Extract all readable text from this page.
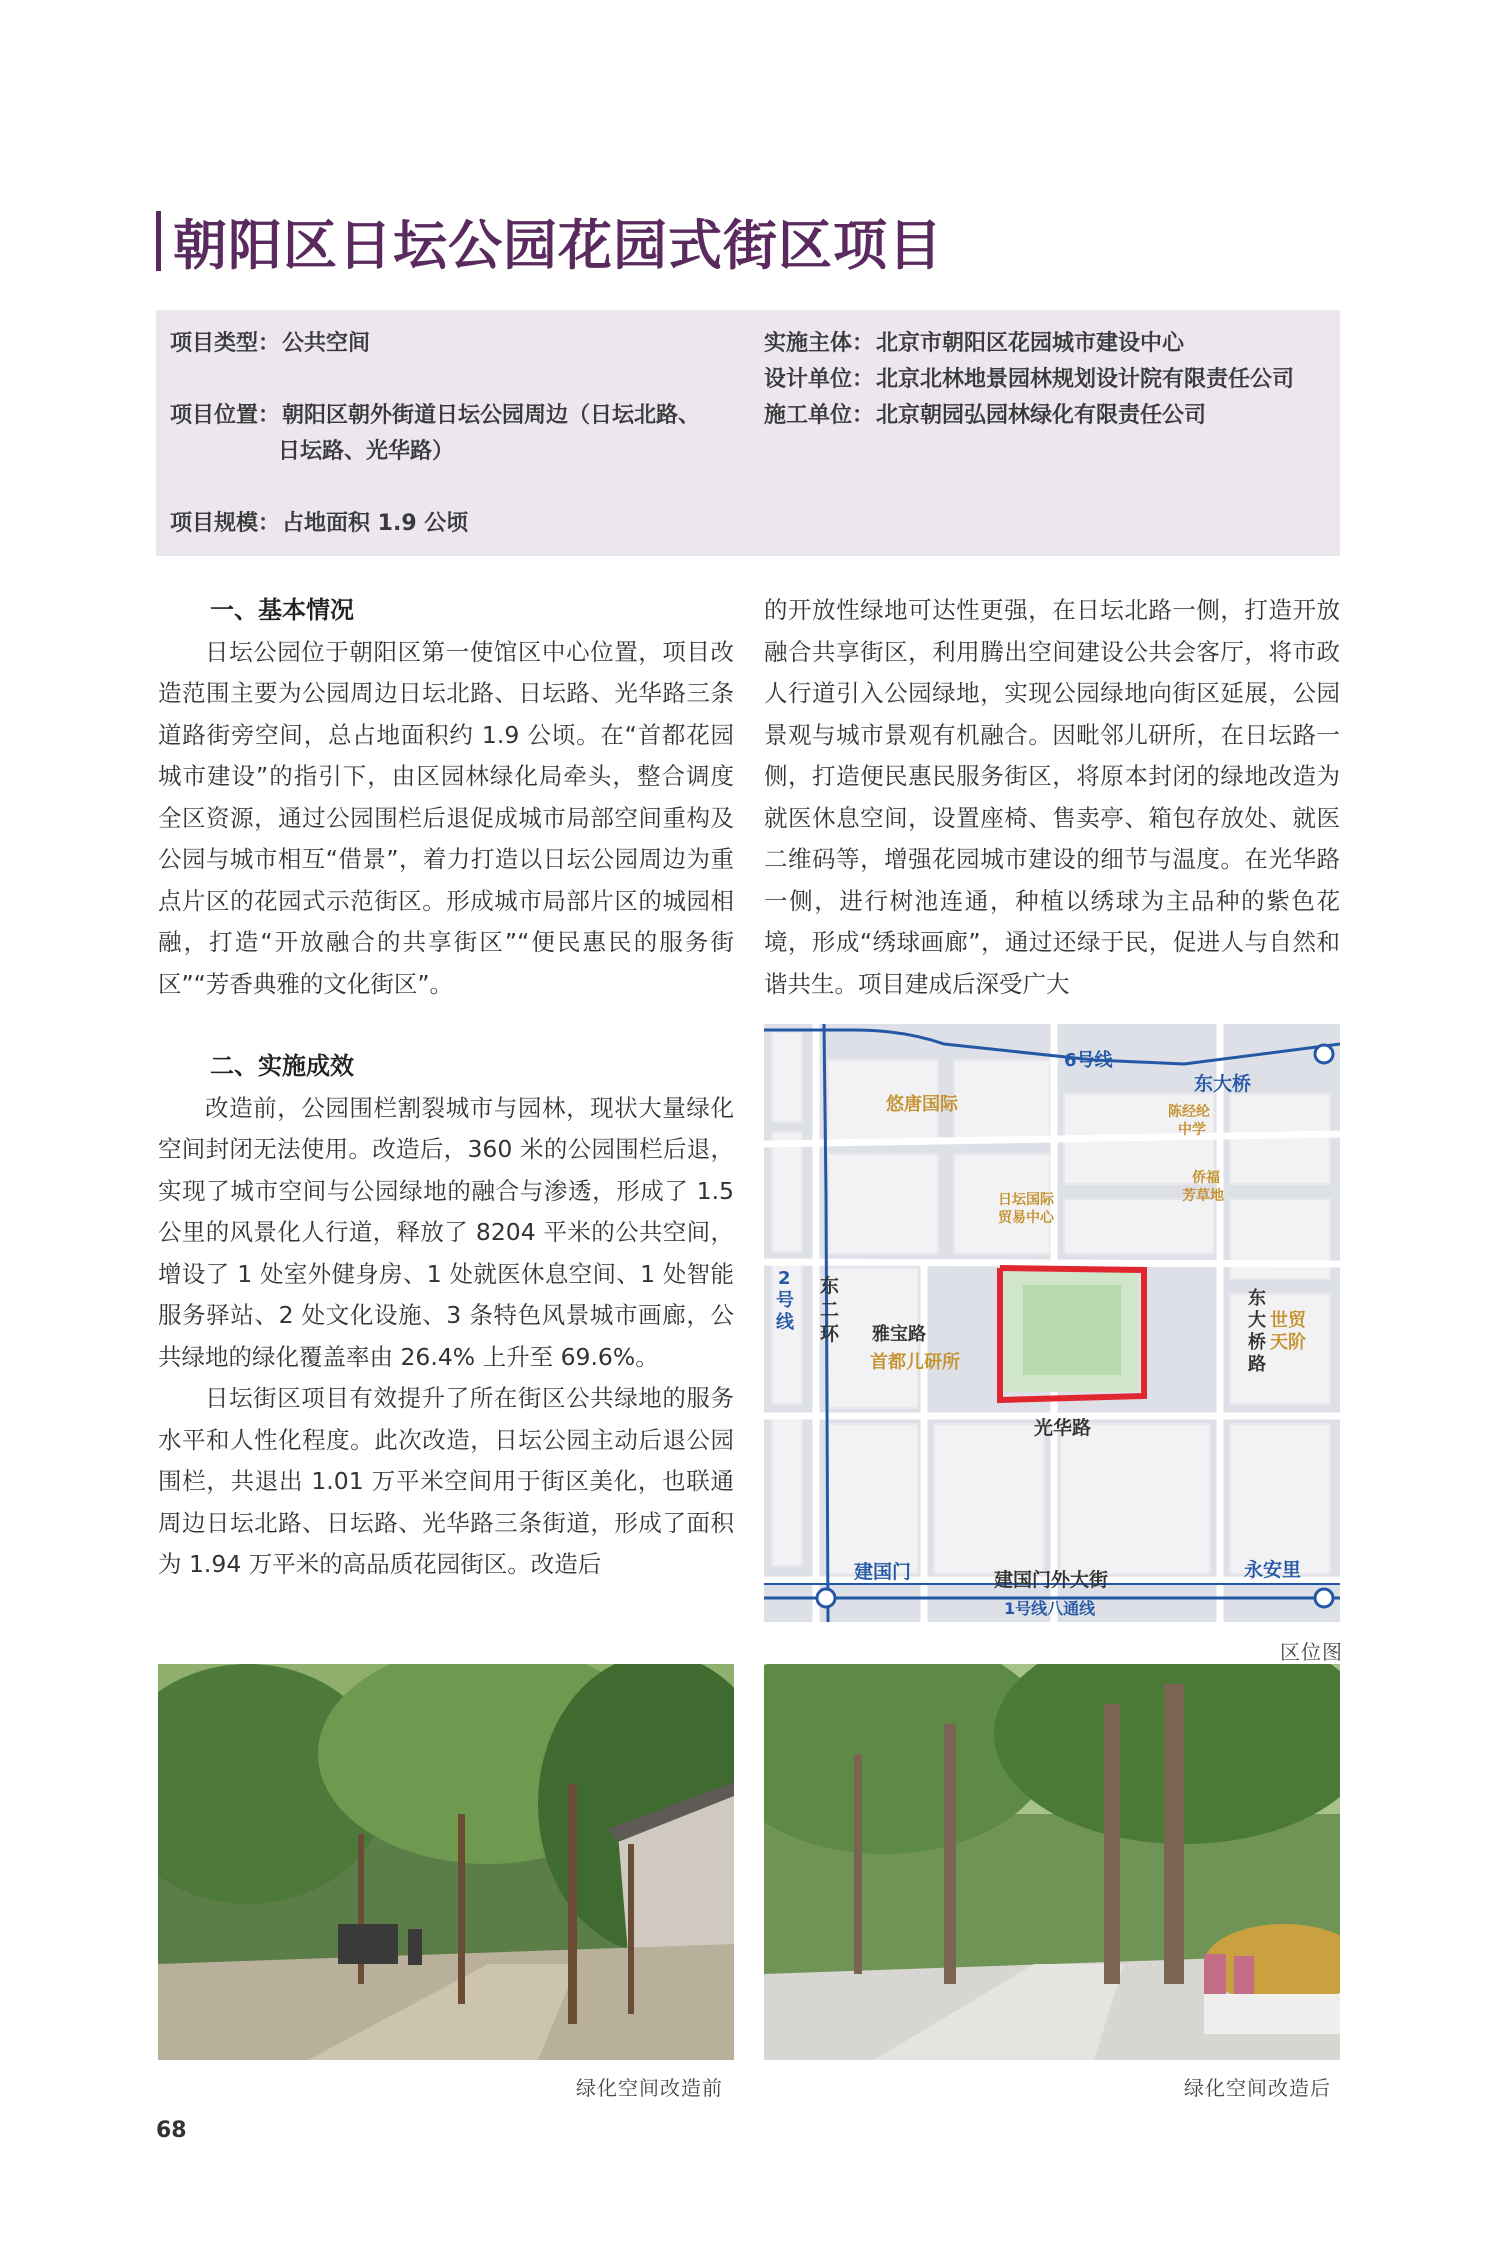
朝阳区日坛公园花园式街区项目
项目类型：公共空间
项目位置：朝阳区朝外街道日坛公园周边（日坛北路、
日坛路、光华路）
项目规模：占地面积 1.9 公顷
实施主体：北京市朝阳区花园城市建设中心
设计单位：北京北林地景园林规划设计院有限责任公司
施工单位：北京朝园弘园林绿化有限责任公司
一、基本情况

日坛公园位于朝阳区第一使馆区中心位置，项目改造范围主要为公园周边日坛北路、日坛路、光华路三条道路街旁空间，总占地面积约 1.9 公顷。在“首都花园城市建设”的指引下，由区园林绿化局牵头，整合调度全区资源，通过公园围栏后退促成城市局部空间重构及公园与城市相互“借景”，着力打造以日坛公园周边为重点片区的花园式示范街区。形成城市局部片区的城园相融，打造“开放融合的共享街区”“便民惠民的服务街区”“芳香典雅的文化街区”。

二、实施成效

改造前，公园围栏割裂城市与园林，现状大量绿化空间封闭无法使用。改造后，360 米的公园围栏后退，实现了城市空间与公园绿地的融合与渗透，形成了 1.5 公里的风景化人行道，释放了 8204 平米的公共空间，增设了 1 处室外健身房、1 处就医休息空间、1 处智能服务驿站、2 处文化设施、3 条特色风景城市画廊，公共绿地的绿化覆盖率由 26.4% 上升至 69.6%。

日坛街区项目有效提升了所在街区公共绿地的服务水平和人性化程度。此次改造，日坛公园主动后退公园围栏，共退出 1.01 万平米空间用于街区美化，也联通周边日坛北路、日坛路、光华路三条街道，形成了面积为 1.94 万平米的高品质花园街区。改造后

的开放性绿地可达性更强，在日坛北路一侧，打造开放融合共享街区，利用腾出空间建设公共会客厅，将市政人行道引入公园绿地，实现公园绿地向街区延展，公园景观与城市景观有机融合。因毗邻儿研所，在日坛路一侧，打造便民惠民服务街区，将原本封闭的绿地改造为就医休息空间，设置座椅、售卖亭、箱包存放处、就医二维码等，增强花园城市建设的细节与温度。在光华路一侧，进行树池连通，种植以绣球为主品种的紫色花境，形成“绣球画廊”，通过还绿于民，促进人与自然和谐共生。项目建成后深受广大

6号线
东大桥
悠唐国际	陈经纶
中学
侨福
芳草地
日坛国际
贸易中心
2
号
线
东
二
环 雅宝路
首都儿研所
东
大
桥
路
世贸
天阶
光华路
建国门	建国门外大街	永安里
1号线八通线
区位图
绿化空间改造前	绿化空间改造后
68
